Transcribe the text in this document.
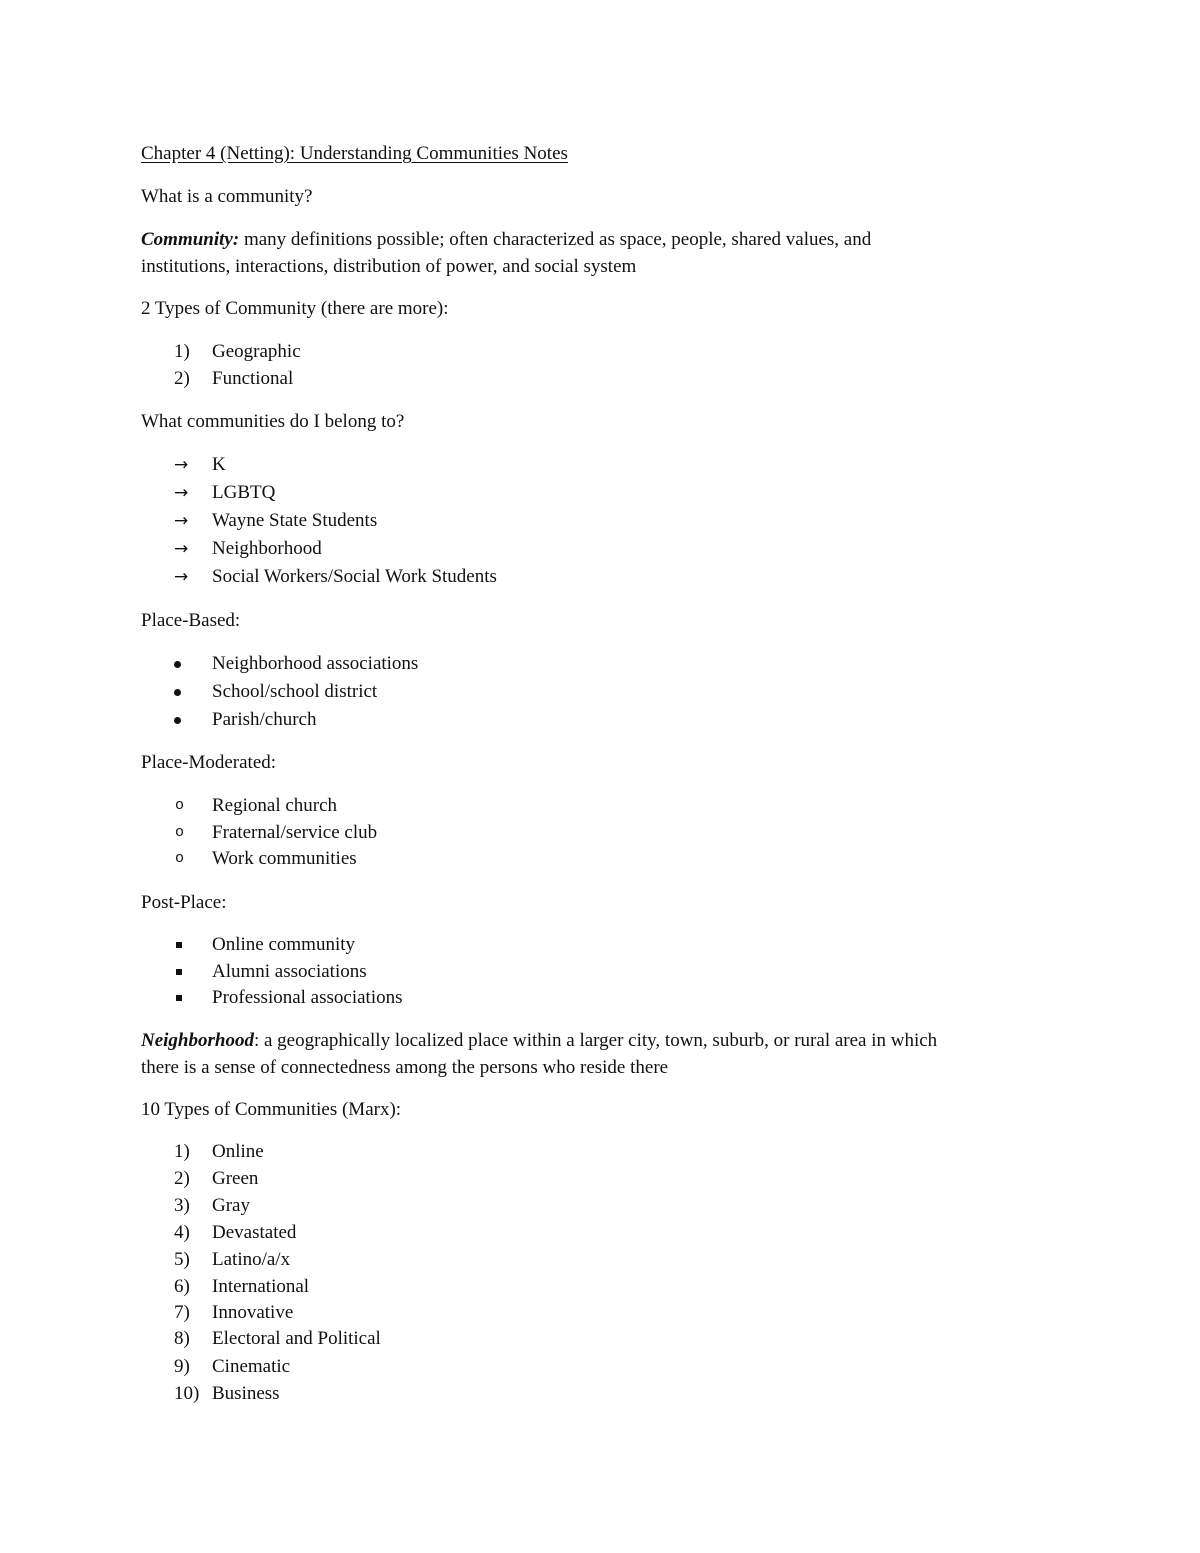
Chapter 4 (Netting): Understanding Communities Notes
What is a community?
Community: many definitions possible; often characterized as space, people, shared values, and
institutions, interactions, distribution of power, and social system
2 Types of Community (there are more):
1) Geographic
2) Functional
What communities do I belong to?
→ K
→ LGBTQ
→ Wayne State Students
→ Neighborhood
→ Social Workers/Social Work Students
Place-Based:
Neighborhood associations
School/school district
Parish/church
Place-Moderated:
o Regional church
o Fraternal/service club
o Work communities
Post-Place:
Online community
Alumni associations
Professional associations
Neighborhood: a geographically localized place within a larger city, town, suburb, or rural area in which
there is a sense of connectedness among the persons who reside there
10 Types of Communities (Marx):
1) Online
2) Green
3) Gray
4) Devastated
5) Latino/a/x
6) International
7) Innovative
8) Electoral and Political
9) Cinematic
10) Business
